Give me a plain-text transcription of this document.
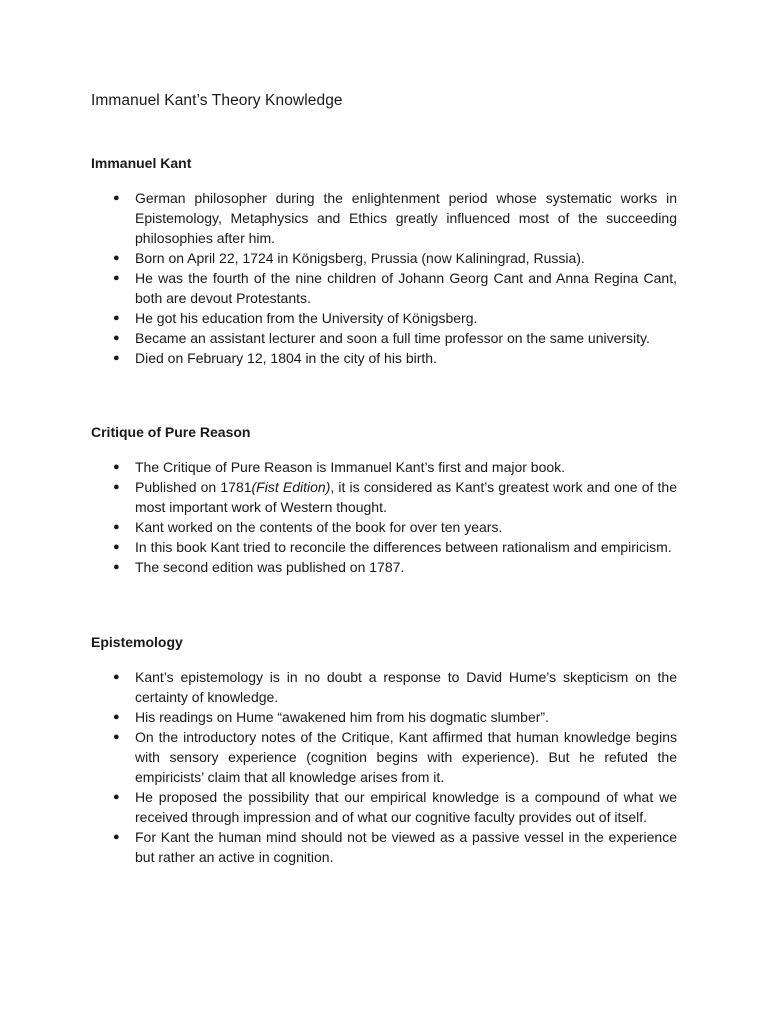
Immanuel Kant’s Theory Knowledge
Immanuel Kant
● German philosopher during the enlightenment period whose systematic works in Epistemology, Metaphysics and Ethics greatly influenced most of the succeeding philosophies after him.
● Born on April 22, 1724 in Königsberg, Prussia (now Kaliningrad, Russia).
● He was the fourth of the nine children of Johann Georg Cant and Anna Regina Cant, both are devout Protestants.
● He got his education from the University of Königsberg.
● Became an assistant lecturer and soon a full time professor on the same university.
● Died on February 12, 1804 in the city of his birth.
Critique of Pure Reason
● The Critique of Pure Reason is Immanuel Kant’s first and major book.
● Published on 1781(Fist Edition), it is considered as Kant’s greatest work and one of the most important work of Western thought.
● Kant worked on the contents of the book for over ten years.
● In this book Kant tried to reconcile the differences between rationalism and empiricism.
● The second edition was published on 1787.
Epistemology
● Kant’s epistemology is in no doubt a response to David Hume’s skepticism on the certainty of knowledge.
● His readings on Hume “awakened him from his dogmatic slumber”.
● On the introductory notes of the Critique, Kant affirmed that human knowledge begins with sensory experience (cognition begins with experience). But he refuted the empiricists’ claim that all knowledge arises from it.
● He proposed the possibility that our empirical knowledge is a compound of what we received through impression and of what our cognitive faculty provides out of itself.
● For Kant the human mind should not be viewed as a passive vessel in the experience but rather an active in cognition.
